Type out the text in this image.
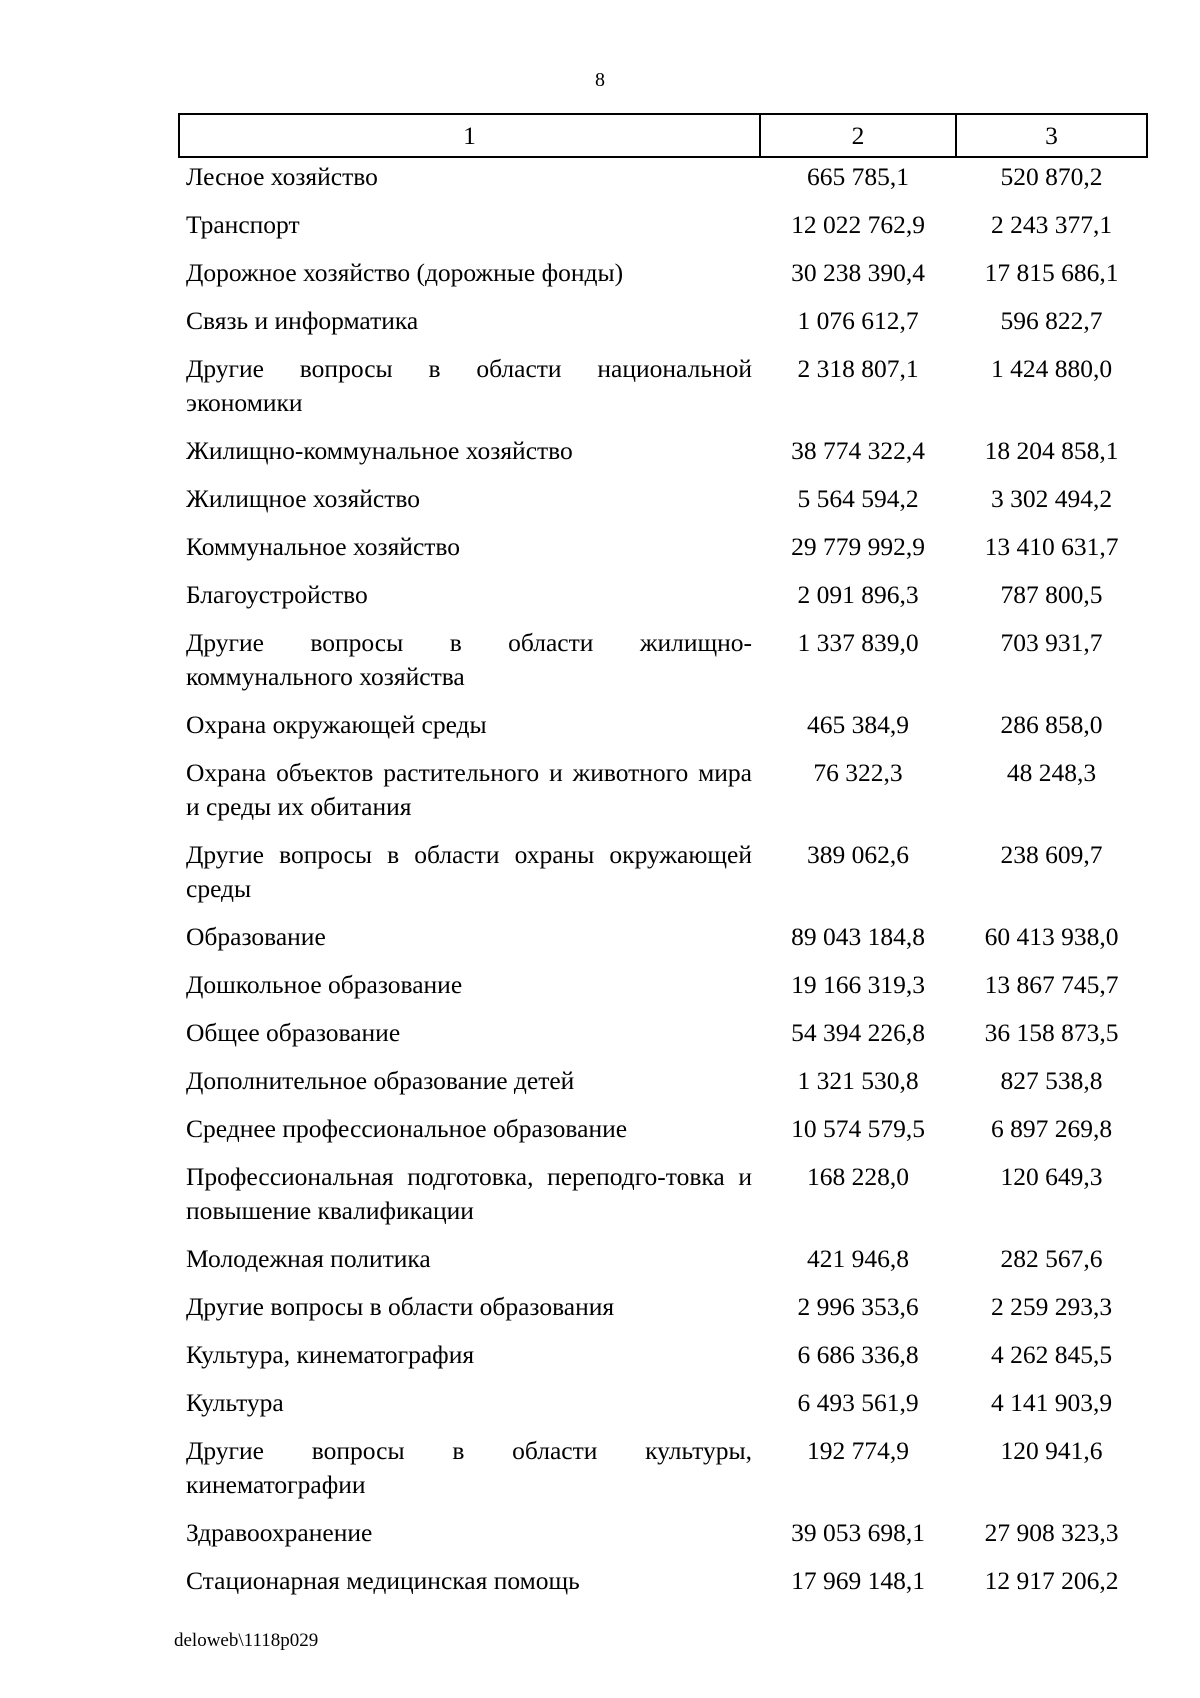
8
1	2	3
Лесное хозяйство	665 785,1	520 870,2
Транспорт	12 022 762,9	2 243 377,1
Дорожное хозяйство (дорожные фонды)	30 238 390,4	17 815 686,1
Связь и информатика	1 076 612,7	596 822,7
Другие вопросы в области национальной экономики	2 318 807,1	1 424 880,0
Жилищно-коммунальное хозяйство	38 774 322,4	18 204 858,1
Жилищное хозяйство	5 564 594,2	3 302 494,2
Коммунальное хозяйство	29 779 992,9	13 410 631,7
Благоустройство	2 091 896,3	787 800,5
Другие вопросы в области жилищно-коммунального хозяйства	1 337 839,0	703 931,7
Охрана окружающей среды	465 384,9	286 858,0
Охрана объектов растительного и животного мира и среды их обитания	76 322,3	48 248,3
Другие вопросы в области охраны окружающей среды	389 062,6	238 609,7
Образование	89 043 184,8	60 413 938,0
Дошкольное образование	19 166 319,3	13 867 745,7
Общее образование	54 394 226,8	36 158 873,5
Дополнительное образование детей	1 321 530,8	827 538,8
Среднее профессиональное образование	10 574 579,5	6 897 269,8
Профессиональная подготовка, переподго-товка и повышение квалификации	168 228,0	120 649,3
Молодежная политика	421 946,8	282 567,6
Другие вопросы в области образования	2 996 353,6	2 259 293,3
Культура, кинематография	6 686 336,8	4 262 845,5
Культура	6 493 561,9	4 141 903,9
Другие вопросы в области культуры, кинематографии	192 774,9	120 941,6
Здравоохранение	39 053 698,1	27 908 323,3
Стационарная медицинская помощь	17 969 148,1	12 917 206,2
deloweb\1118p029
